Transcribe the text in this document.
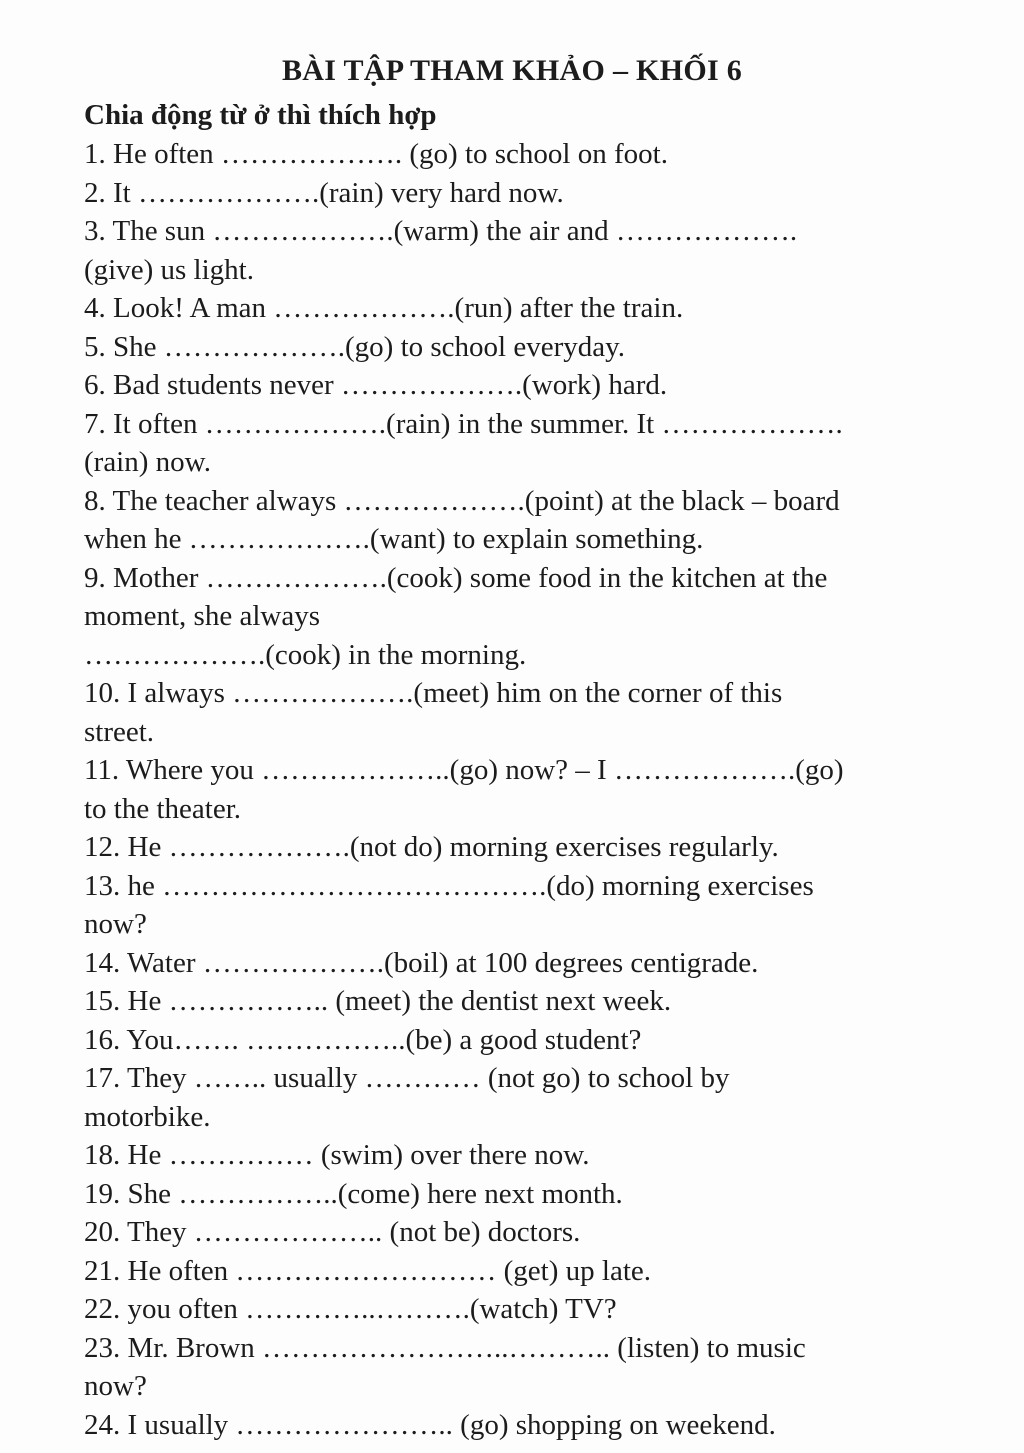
BÀI TẬP THAM KHẢO – KHỐI 6
Chia động từ ở thì thích hợp
1. He often ………………. (go) to school on foot.
2. It ……………….(rain) very hard now.
3. The sun ……………….(warm) the air and ……………….
(give) us light.
4. Look! A man ……………….(run) after the train.
5. She ……………….(go) to school everyday.
6. Bad students never ……………….(work) hard.
7. It often ……………….(rain) in the summer. It ……………….
(rain) now.
8. The teacher always ……………….(point) at the black – board
when he ……………….(want) to explain something.
9. Mother ……………….(cook) some food in the kitchen at the
moment, she always
……………….(cook) in the morning.
10. I always ……………….(meet) him on the corner of this
street.
11. Where you ………………..(go) now? – I ……………….(go)
to the theater.
12. He ……………….(not do) morning exercises regularly.
13. he ………………………………….(do) morning exercises
now?
14. Water ……………….(boil) at 100 degrees centigrade.
15. He …………….. (meet) the dentist next week.
16. You……. ……………..(be) a good student?
17. They …….. usually ………… (not go) to school by
motorbike.
18. He …………… (swim) over there now.
19. She ……………..(come) here next month.
20. They ……………….. (not be) doctors.
21. He often ……………………… (get) up late.
22. you often …………..……….(watch) TV?
23. Mr. Brown ……………………..……….. (listen) to music
now?
24. I usually ………………….. (go) shopping on weekend.
